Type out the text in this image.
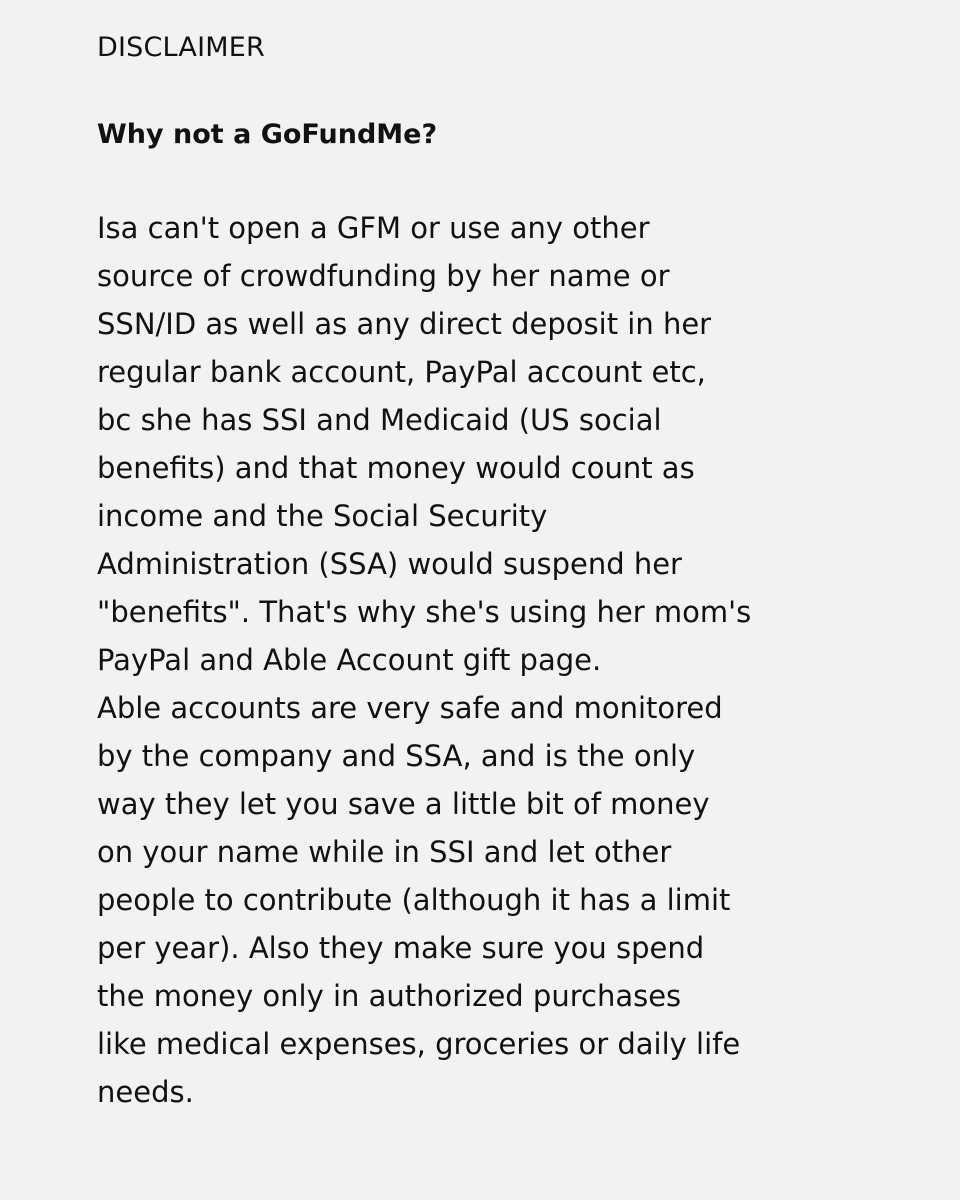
DISCLAIMER

Why not a GoFundMe?
Isa can't open a GFM or use any other
source of crowdfunding by her name or
SSN/ID as well as any direct deposit in her
regular bank account, PayPal account etc,
bc she has SSI and Medicaid (US social
benefits) and that money would count as
income and the Social Security
Administration (SSA) would suspend her
"benefits". That's why she's using her mom's
PayPal and Able Account gift page.
Able accounts are very safe and monitored
by the company and SSA, and is the only
way they let you save a little bit of money
on your name while in SSI and let other
people to contribute (although it has a limit
per year). Also they make sure you spend
the money only in authorized purchases
like medical expenses, groceries or daily life
needs.
